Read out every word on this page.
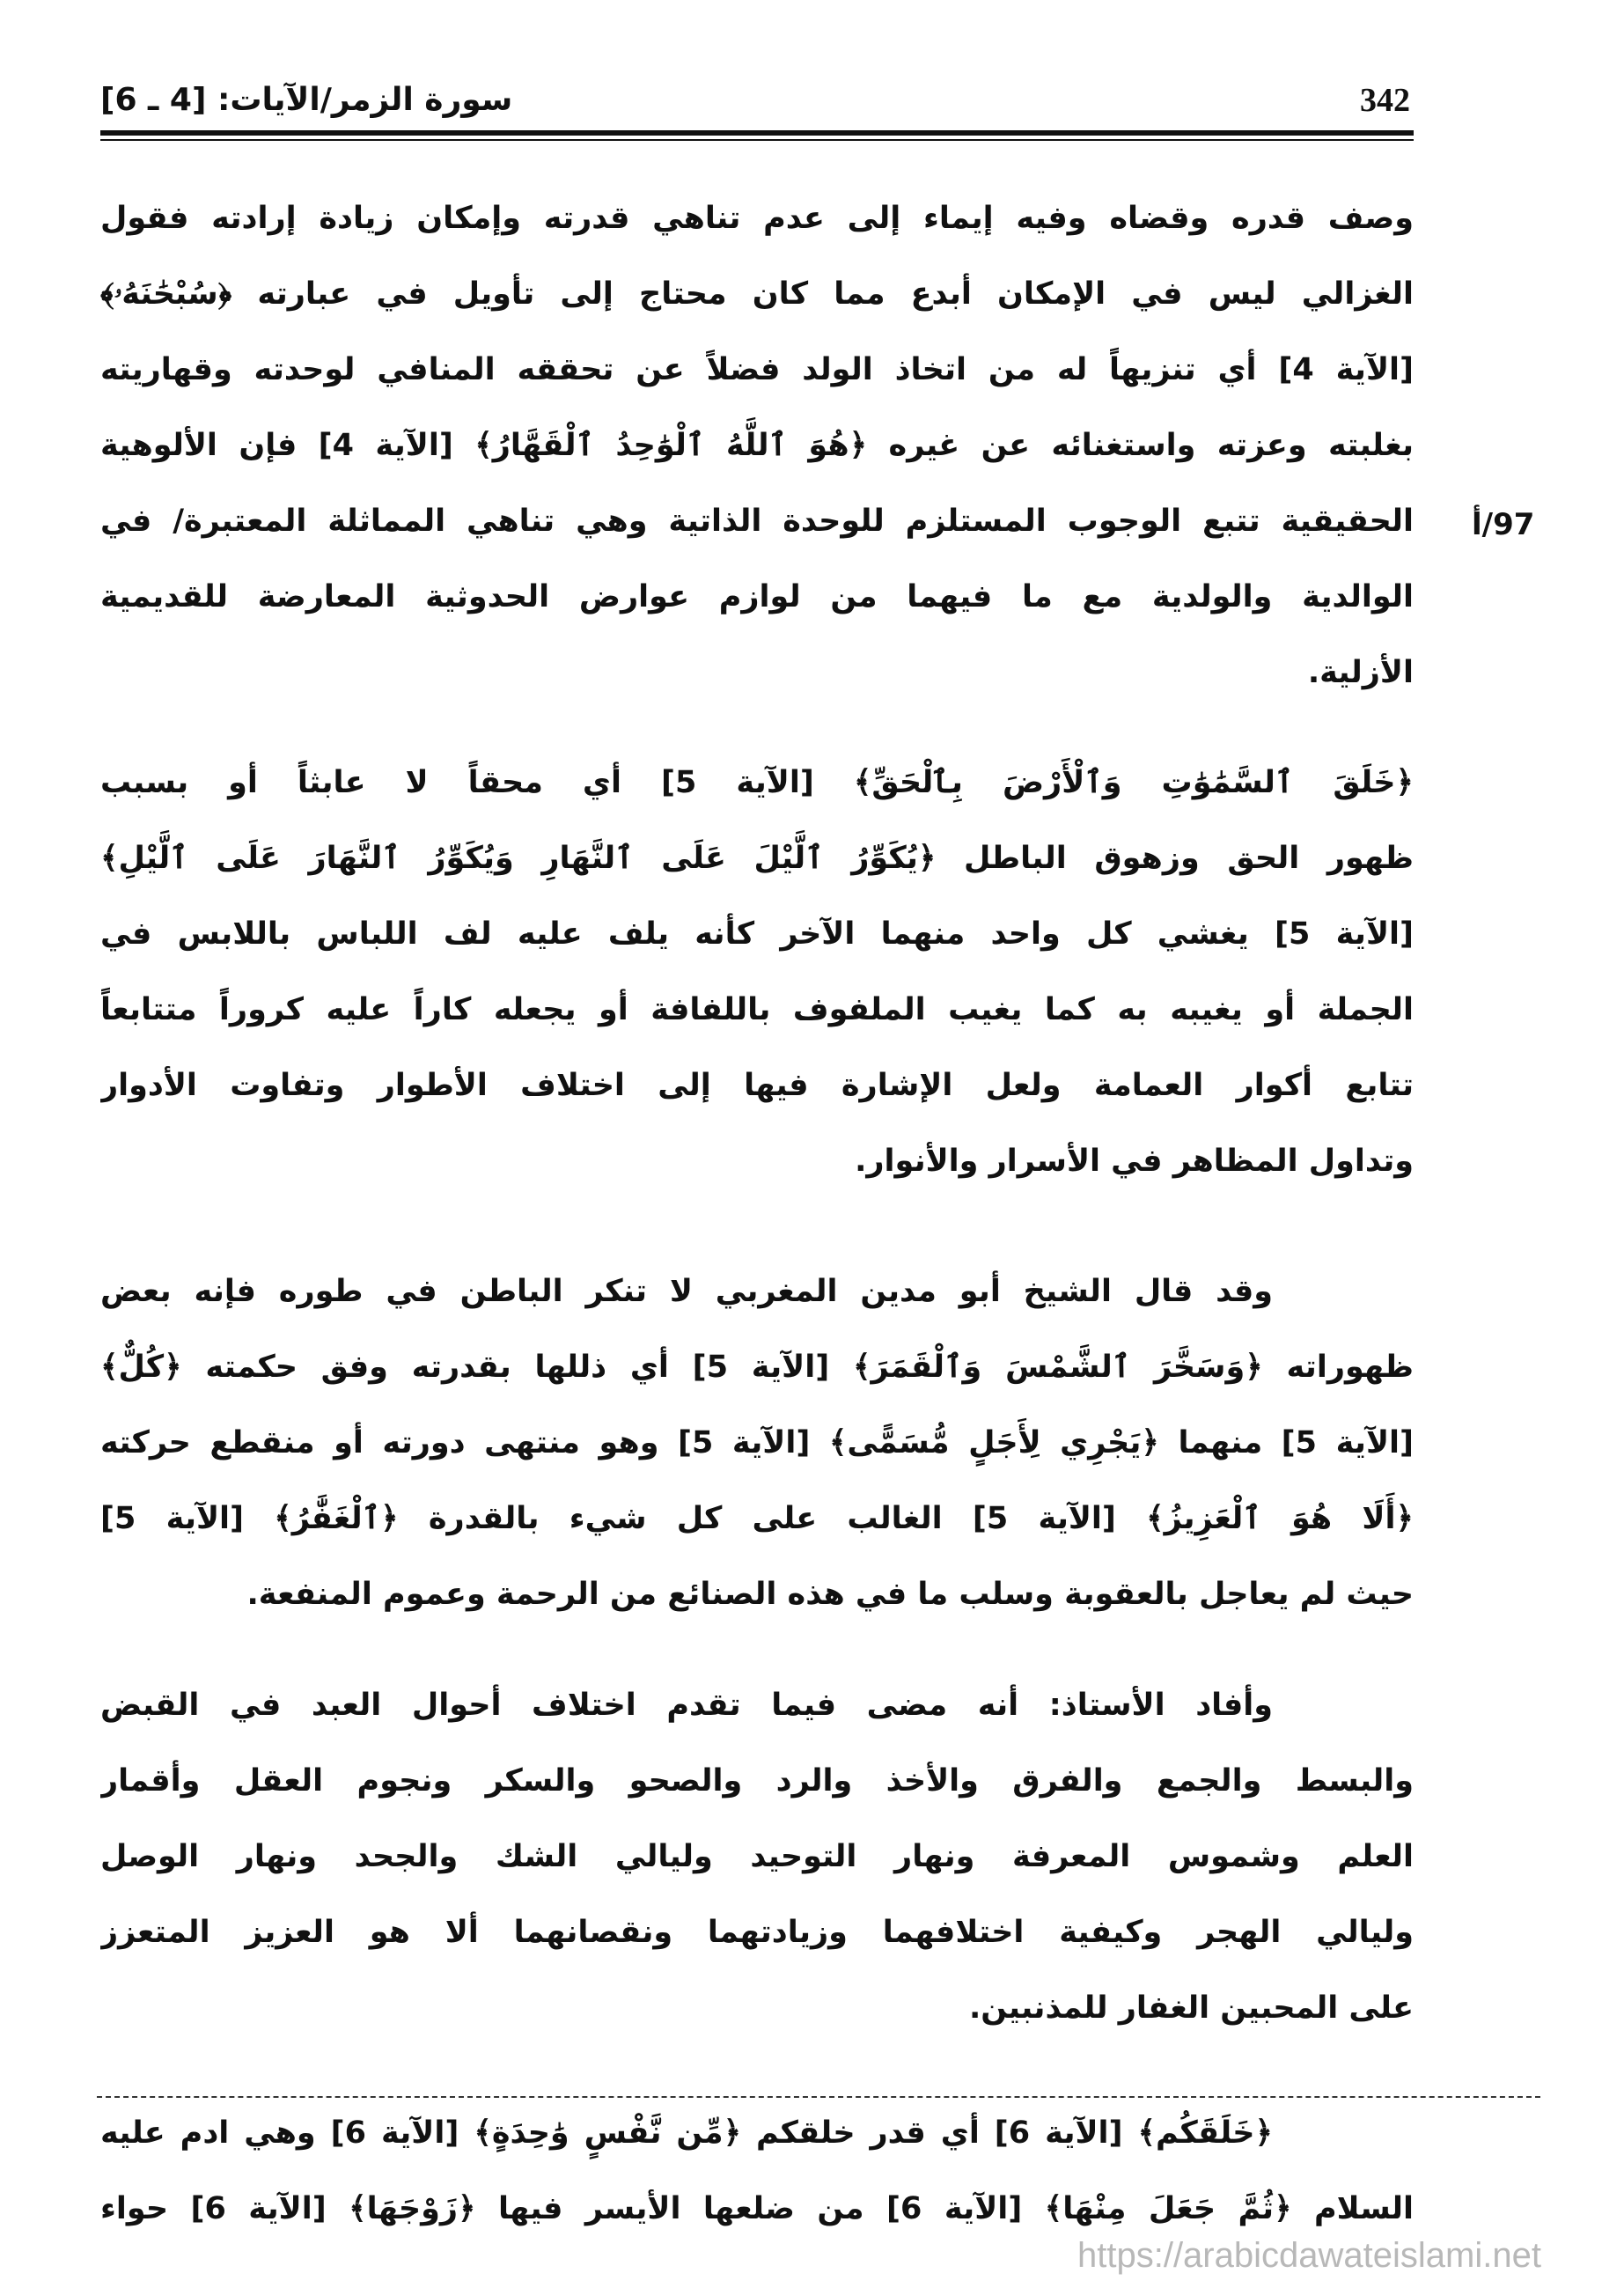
342
سورة الزمر/الآيات: [4 ـ 6]
97/أ
وصف قدره وقضاه وفيه إيماء إلى عدم تناهي قدرته وإمكان زيادة إرادته فقول
الغزالي ليس في الإمكان أبدع مما كان محتاج إلى تأويل في عبارته ﴿سُبْحَٰنَهُۥ﴾
[الآية 4] أي تنزيهاً له من اتخاذ الولد فضلاً عن تحققه المنافي لوحدته وقهاريته
بغلبته وعزته واستغنائه عن غيره ﴿هُوَ ٱللَّهُ ٱلْوَٰحِدُ ٱلْقَهَّارُ﴾ [الآية 4] فإن الألوهية
الحقيقية تتبع الوجوب المستلزم للوحدة الذاتية وهي تناهي المماثلة المعتبرة/ في
الوالدية والولدية مع ما فيهما من لوازم عوارض الحدوثية المعارضة للقديمية
الأزلية.
﴿خَلَقَ ٱلسَّمَٰوَٰتِ وَٱلْأَرْضَ بِٱلْحَقِّ﴾ [الآية 5] أي محقاً لا عابثاً أو بسبب
ظهور الحق وزهوق الباطل ﴿يُكَوِّرُ ٱلَّيْلَ عَلَى ٱلنَّهَارِ وَيُكَوِّرُ ٱلنَّهَارَ عَلَى ٱلَّيْلِ﴾
[الآية 5] يغشي كل واحد منهما الآخر كأنه يلف عليه لف اللباس باللابس في
الجملة أو يغيبه به كما يغيب الملفوف باللفافة أو يجعله كاراً عليه كروراً متتابعاً
تتابع أكوار العمامة ولعل الإشارة فيها إلى اختلاف الأطوار وتفاوت الأدوار
وتداول المظاهر في الأسرار والأنوار.
وقد قال الشيخ أبو مدين المغربي لا تنكر الباطن في طوره فإنه بعض
ظهوراته ﴿وَسَخَّرَ ٱلشَّمْسَ وَٱلْقَمَرَ﴾ [الآية 5] أي ذللها بقدرته وفق حكمته ﴿كُلٌّ﴾
[الآية 5] منهما ﴿يَجْرِي لِأَجَلٍ مُّسَمًّى﴾ [الآية 5] وهو منتهى دورته أو منقطع حركته
﴿أَلَا هُوَ ٱلْعَزِيزُ﴾ [الآية 5] الغالب على كل شيء بالقدرة ﴿ٱلْغَفَّٰرُ﴾ [الآية 5]
حيث لم يعاجل بالعقوبة وسلب ما في هذه الصنائع من الرحمة وعموم المنفعة.
وأفاد الأستاذ: أنه مضى فيما تقدم اختلاف أحوال العبد في القبض
والبسط والجمع والفرق والأخذ والرد والصحو والسكر ونجوم العقل وأقمار
العلم وشموس المعرفة ونهار التوحيد وليالي الشك والجحد ونهار الوصل
وليالي الهجر وكيفية اختلافهما وزيادتهما ونقصانهما ألا هو العزيز المتعزز
على المحبين الغفار للمذنبين.
﴿خَلَقَكُم﴾ [الآية 6] أي قدر خلقكم ﴿مِّن نَّفْسٍ وَٰحِدَةٍ﴾ [الآية 6] وهي ادم عليه
السلام ﴿ثُمَّ جَعَلَ مِنْهَا﴾ [الآية 6] من ضلعها الأيسر فيها ﴿زَوْجَهَا﴾ [الآية 6] حواء
https://arabicdawateislami.net
